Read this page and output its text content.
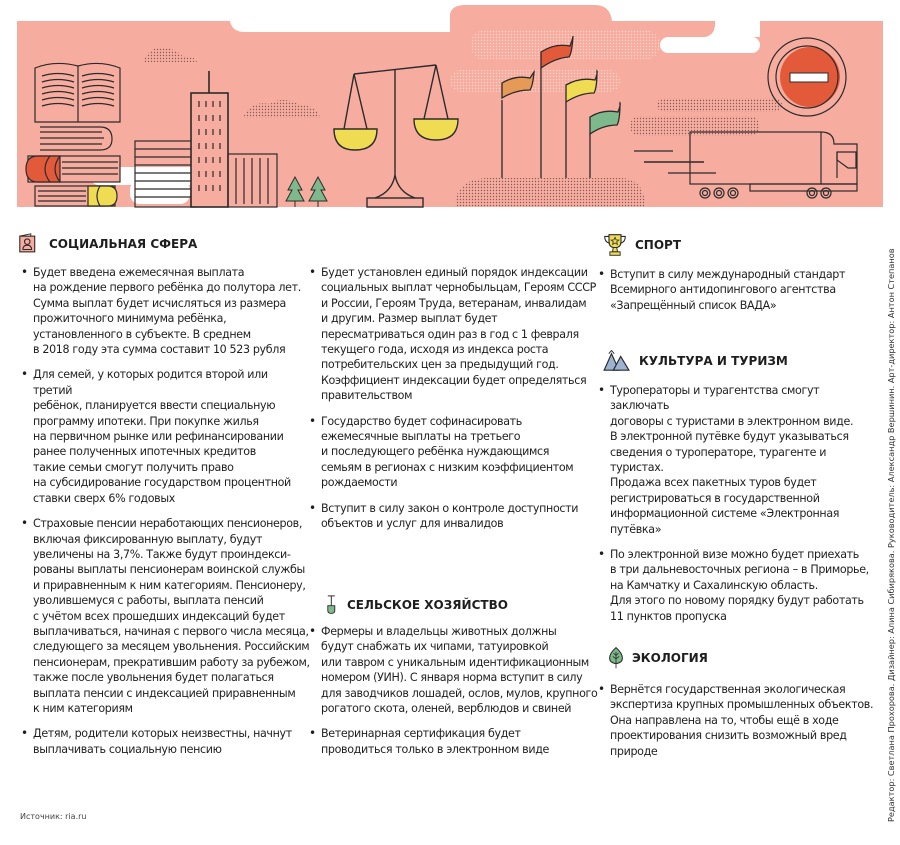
СОЦИАЛЬНАЯ СФЕРА
• Будет введена ежемесячная выплата
на рождение первого ребёнка до полутора лет.
Сумма выплат будет исчисляться из размера
прожиточного минимума ребёнка,
установленного в субъекте. В среднем
в 2018 году эта сумма составит 10 523 рубля
• Для семей, у которых родится второй или третий
ребёнок, планируется ввести специальную
программу ипотеки. При покупке жилья
на первичном рынке или рефинансировании
ранее полученных ипотечных кредитов
такие семьи смогут получить право
на субсидирование государством процентной
ставки сверх 6% годовых
• Страховые пенсии неработающих пенсионеров,
включая фиксированную выплату, будут
увеличены на 3,7%. Также будут проиндекси-
рованы выплаты пенсионерам воинской службы
и приравненным к ним категориям. Пенсионеру,
уволившемуся с работы, выплата пенсий
с учётом всех прошедших индексаций будет
выплачиваться, начиная с первого числа месяца,
следующего за месяцем увольнения. Российским
пенсионерам, прекратившим работу за рубежом,
также после увольнения будет полагаться
выплата пенсии с индексацией приравненным
к ним категориям
• Детям, родители которых неизвестны, начнут
выплачивать социальную пенсию
• Будет установлен единый порядок индексации
социальных выплат чернобыльцам, Героям СССР
и России, Героям Труда, ветеранам, инвалидам
и другим. Размер выплат будет
пересматриваться один раз в год с 1 февраля
текущего года, исходя из индекса роста
потребительских цен за предыдущий год.
Коэффициент индексации будет определяться
правительством
• Государство будет софинасировать
ежемесячные выплаты на третьего
и последующего ребёнка нуждающимся
семьям в регионах с низким коэффициентом
рождаемости
• Вступит в силу закон о контроле доступности
объектов и услуг для инвалидов
СЕЛЬСКОЕ ХОЗЯЙСТВО
• Фермеры и владельцы животных должны
будут снабжать их чипами, татуировкой
или тавром с уникальным идентификационным
номером (УИН). С января норма вступит в силу
для заводчиков лошадей, ослов, мулов, крупного
рогатого скота, оленей, верблюдов и свиней
• Ветеринарная сертификация будет
проводиться только в электронном виде
СПОРТ
• Вступит в силу международный стандарт
Всемирного антидопингового агентства
«Запрещённый список ВАДА»
КУЛЬТУРА И ТУРИЗМ
• Туроператоры и турагентства смогут заключать
договоры с туристами в электронном виде.
В электронной путёвке будут указываться
сведения о туроператоре, турагенте и туристах.
Продажа всех пакетных туров будет
регистрироваться в государственной
информационной системе «Электронная
путёвка»
• По электронной визе можно будет приехать
в три дальневосточных региона – в Приморье,
на Камчатку и Сахалинскую область.
Для этого по новому порядку будут работать
11 пунктов пропуска
ЭКОЛОГИЯ
• Вернётся государственная экологическая
экспертиза крупных промышленных объектов.
Она направлена на то, чтобы ещё в ходе
проектирования снизить возможный вред
природе
Источник: ria.ru	Редактор: Светлана Прохорова. Дизайнер: Алина Сибирякова. Руководитель: Александр Вершинин. Арт-директор: Антон Степанов
